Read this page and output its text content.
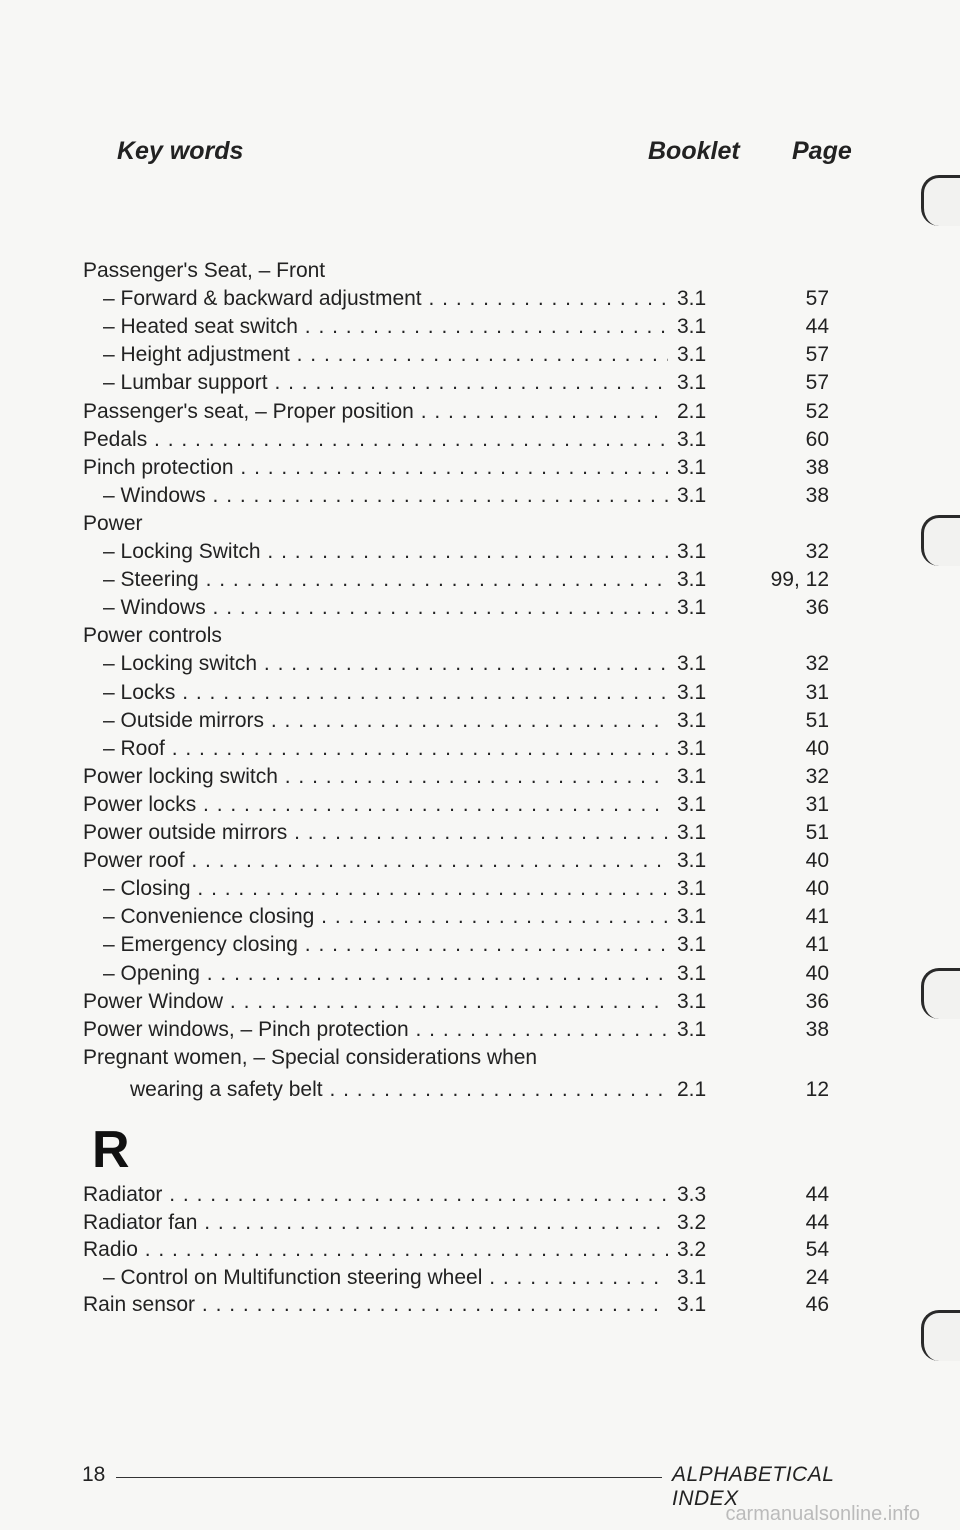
Key words	Booklet Page
Passenger's Seat, – Front
– Forward & backward adjustment . . .	3.1	57
– Heated seat switch . . .	3.1	44
– Height adjustment . . .	3.1	57
– Lumbar support . . .	3.1	57
Passenger's seat, – Proper position . . .	2.1	52
Pedals . . .	3.1	60
Pinch protection . . .	3.1	38
– Windows . . .	3.1	38
Power
– Locking Switch . . .	3.1	32
– Steering . . .	3.1	99, 12
– Windows . . .	3.1	36
Power controls
– Locking switch . . .	3.1	32
– Locks . . .	3.1	31
– Outside mirrors . . .	3.1	51
– Roof . . .	3.1	40
Power locking switch . . .	3.1	32
Power locks . . .	3.1	31
Power outside mirrors . . .	3.1	51
Power roof . . .	3.1	40
– Closing . . .	3.1	40
– Convenience closing . . .	3.1	41
– Emergency closing . . .	3.1	41
– Opening . . .	3.1	40
Power Window . . .	3.1	36
Power windows, – Pinch protection . . .	3.1	38
Pregnant women, – Special considerations when
wearing a safety belt . . .	2.1	12
Radiator . . .	3.3	44
Radiator fan . . .	3.2	44
Radio . . .	3.2	54
– Control on Multifunction steering wheel . . .	3.1	24
Rain sensor . . .	3.1	46
R
18	ALPHABETICAL INDEX
carmanualsonline.info
